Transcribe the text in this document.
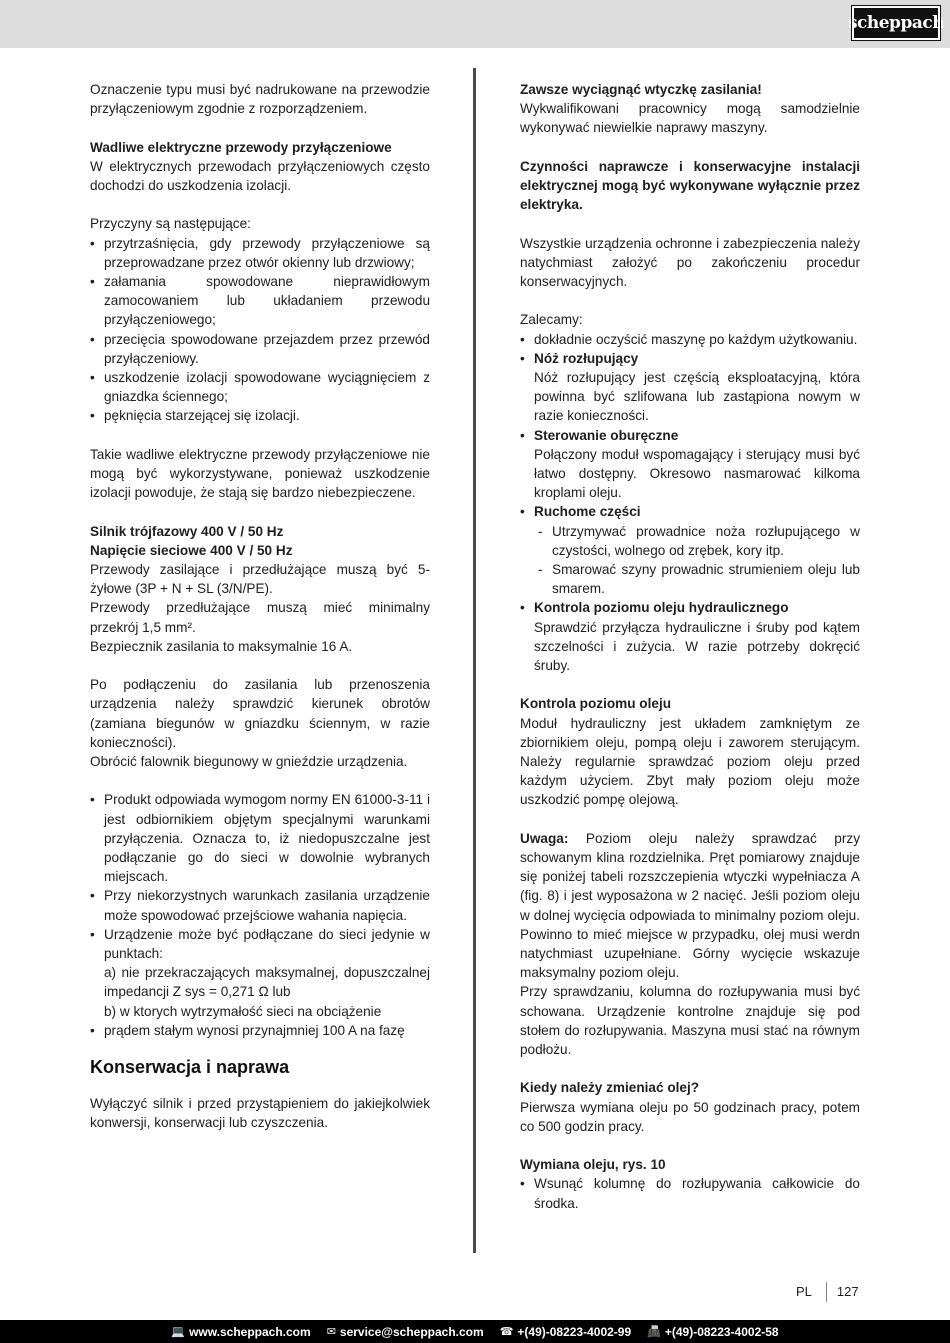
scheppach

Oznaczenie typu musi być nadrukowane na przewodzie przyłączeniowym zgodnie z rozporządzeniem.

Wadliwe elektryczne przewody przyłączeniowe

W elektrycznych przewodach przyłączeniowych często dochodzi do uszkodzenia izolacji.

Przyczyny są następujące:

• przytrzaśnięcia, gdy przewody przyłączeniowe są przeprowadzane przez otwór okienny lub drzwiowy;
• załamania spowodowane nieprawidłowym zamocowaniem lub układaniem przewodu przyłączeniowego;
• przecięcia spowodowane przejazdem przez przewód przyłączeniowy.
• uszkodzenie izolacji spowodowane wyciągnięciem z gniazdka ściennego;
• pęknięcia starzejącej się izolacji.

Takie wadliwe elektryczne przewody przyłączeniowe nie mogą być wykorzystywane, ponieważ uszkodzenie izolacji powoduje, że stają się bardzo niebezpieczene.

Silnik trójfazowy 400 V / 50 Hz

Napięcie sieciowe 400 V / 50 Hz

Przewody zasilające i przedłużające muszą być 5-żyłowe (3P + N + SL (3/N/PE).

Przewody przedłużające muszą mieć minimalny przekrój 1,5 mm².

Bezpiecznik zasilania to maksymalnie 16 A.

Po podłączeniu do zasilania lub przenoszenia urządzenia należy sprawdzić kierunek obrotów (zamiana biegunów w gniazdku ściennym, w razie konieczności).

Obrócić falownik biegunowy w gnieździe urządzenia.

• Produkt odpowiada wymogom normy EN 61000-3-11 i jest odbiornikiem objętym specjalnymi warunkami przyłączenia. Oznacza to, iż niedopuszczalne jest podłączanie go do sieci w dowolnie wybranych miejscach.
• Przy niekorzystnych warunkach zasilania urządzenie może spowodować przejściowe wahania napięcia.
• Urządzenie może być podłączane do sieci jedynie w punktach:
a) nie przekraczających maksymalnej, dopuszczalnej impedancji Z sys = 0,271 Ω lub
b) w ktorych wytrzymałość sieci na obciążenie
• prądem stałym wynosi przynajmniej 100 A na fazę
Konserwacja i naprawa

Wyłączyć silnik i przed przystąpieniem do jakiejkolwiek konwersji, konserwacji lub czyszczenia.

Zawsze wyciągnąć wtyczkę zasilania!

Wykwalifikowani pracownicy mogą samodzielnie wykonywać niewielkie naprawy maszyny.

Czynności naprawcze i konserwacyjne instalacji elektrycznej mogą być wykonywane wyłącznie przez elektryka.

Wszystkie urządzenia ochronne i zabezpieczenia należy natychmiast założyć po zakończeniu procedur konserwacyjnych.

Zalecamy:

• dokładnie oczyścić maszynę po każdym użytkowaniu.
• Nóż rozłupujący
Nóż rozłupujący jest częścią eksploatacyjną, która powinna być szlifowana lub zastąpiona nowym w razie konieczności.
• Sterowanie oburęczne
Połączony moduł wspomagający i sterujący musi być łatwo dostępny. Okresowo nasmarować kilkoma kroplami oleju.
• Ruchome części
- Utrzymywać prowadnice noża rozłupującego w czystości, wolnego od zrębek, kory itp.
- Smarować szyny prowadnic strumieniem oleju lub smarem.
• Kontrola poziomu oleju hydraulicznego
Sprawdzić przyłącza hydrauliczne i śruby pod kątem szczelności i zużycia. W razie potrzeby dokręcić śruby.

Kontrola poziomu oleju

Moduł hydrauliczny jest układem zamkniętym ze zbiornikiem oleju, pompą oleju i zaworem sterującym. Należy regularnie sprawdzać poziom oleju przed każdym użyciem. Zbyt mały poziom oleju może uszkodzić pompę olejową.

Uwaga: Poziom oleju należy sprawdzać przy schowanym klina rozdzielnika. Pręt pomiarowy znajduje się poniżej tabeli rozszczepienia wtyczki wypełniacza A (fig. 8) i jest wyposażona w 2 nacięć. Jeśli poziom oleju w dolnej wycięcia odpowiada to minimalny poziom oleju. Powinno to mieć miejsce w przypadku, olej musi werdn natychmiast uzupełniane. Górny wycięcie wskazuje maksymalny poziom oleju.

Przy sprawdzaniu, kolumna do rozłupywania musi być schowana. Urządzenie kontrolne znajduje się pod stołem do rozłupywania. Maszyna musi stać na równym podłożu.

Kiedy należy zmieniać olej?

Pierwsza wymiana oleju po 50 godzinach pracy, potem co 500 godzin pracy.

Wymiana oleju, rys. 10

• Wsunąć kolumnę do rozłupywania całkowicie do środka.
PL 127
💻 www.scheppach.com ✉ service@scheppach.com ☎ +(49)-08223-4002-99 📠 +(49)-08223-4002-58
